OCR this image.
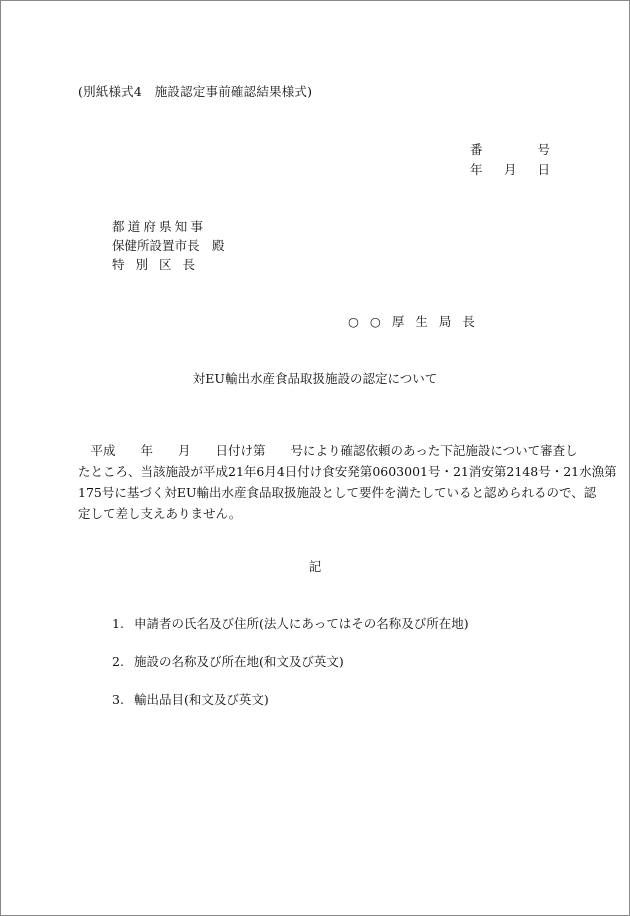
(別紙様式4　施設認定事前確認結果様式)
番	号
年 月 日
都道府県知事
保健所設置市長　殿
特別区長
○○厚生局長
対EU輸出水産食品取扱施設の認定について
　平成　　年　　月　　日付け第　　号により確認依頼のあった下記施設について審査し
たところ、当該施設が平成21年6月4日付け食安発第0603001号・21消安第2148号・21水漁第
175号に基づく対EU輸出水産食品取扱施設として要件を満たしていると認められるので、認
定して差し支えありません。
記
1. 申請者の氏名及び住所(法人にあってはその名称及び所在地)
2. 施設の名称及び所在地(和文及び英文)
3. 輸出品目(和文及び英文)
